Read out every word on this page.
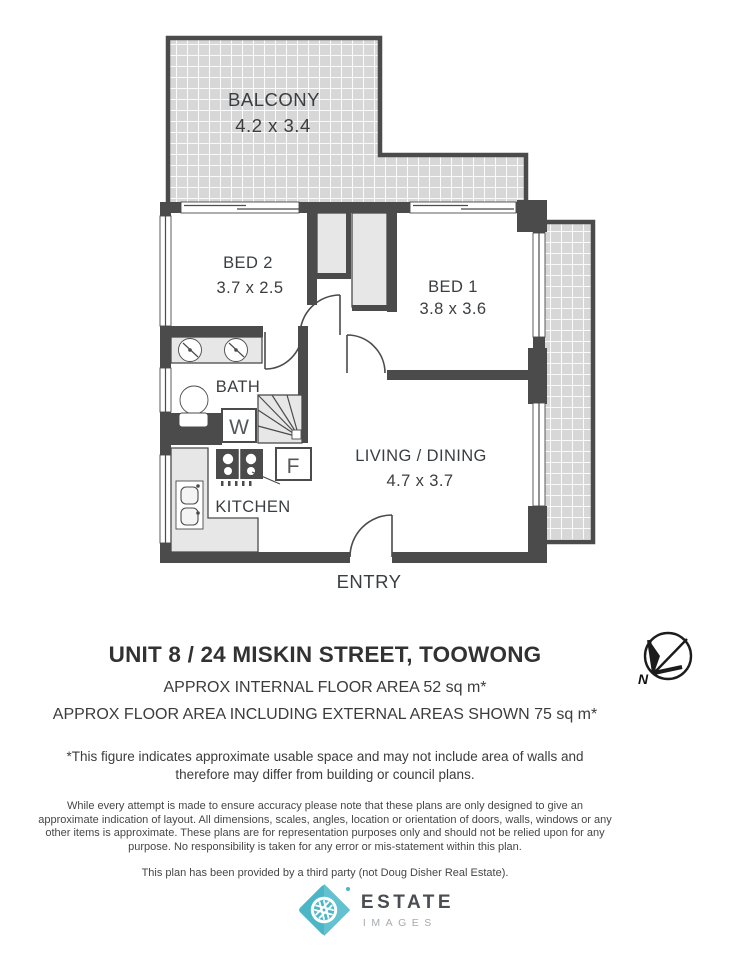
W
F
BALCONY
4.2 x 3.4
BED 2
3.7 x 2.5	BED 1
3.8 x 3.6
BATH
LIVING / DINING
4.7 x 3.7
KITCHEN
ENTRY
N
UNIT 8 / 24 MISKIN STREET, TOOWONG

APPROX INTERNAL FLOOR AREA 52 sq m*

APPROX FLOOR AREA INCLUDING EXTERNAL AREAS SHOWN 75 sq m*

*This figure indicates approximate usable space and may not include area of walls and therefore may differ from building or council plans.

While every attempt is made to ensure accuracy please note that these plans are only designed to give an approximate indication of layout. All dimensions, scales, angles, location or orientation of doors, walls, windows or any other items is approximate. These plans are for representation purposes only and should not be relied upon for any purpose. No responsibility is taken for any error or mis-statement within this plan.

This plan has been provided by a third party (not Doug Disher Real Estate).

ESTATE
IMAGES
